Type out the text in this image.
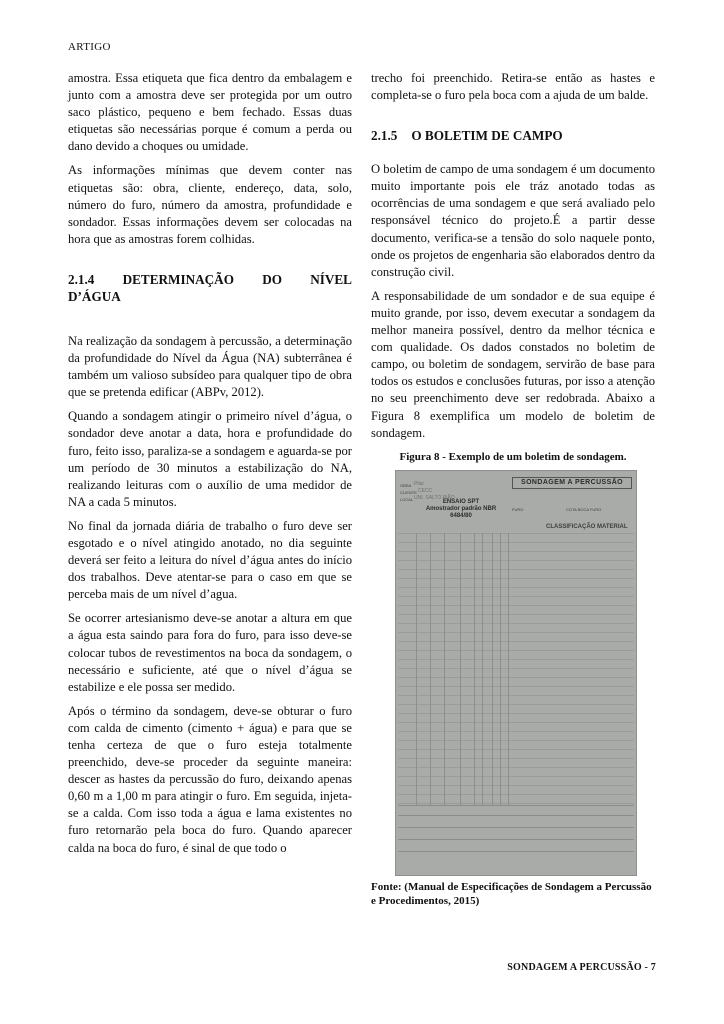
ARTIGO

amostra. Essa etiqueta que fica dentro da embalagem e junto com a amostra deve ser protegida por um outro saco plástico, pequeno e bem fechado. Essas duas etiquetas são necessárias porque é comum a perda ou dano devido a choques ou umidade.

As informações mínimas que devem conter nas etiquetas são: obra, cliente, endereço, data, solo, número do furo, número da amostra, profundidade e sondador. Essas informações devem ser colocadas na hora que as amostras forem colhidas.

2.1.4 DETERMINAÇÃO DO NÍVEL
D’ÁGUA

Na realização da sondagem à percussão, a determinação da profundidade do Nível da Água (NA) subterrânea é também um valioso subsídeo para qualquer tipo de obra que se pretenda edificar (ABPv, 2012).

Quando a sondagem atingir o primeiro nível d’água, o sondador deve anotar a data, hora e profundidade do furo, feito isso, paraliza-se a sondagem e aguarda-se por um período de 30 minutos a estabilização do NA, realizando leituras com o auxílio de uma medidor de NA a cada 5 minutos.

No final da jornada diária de trabalho o furo deve ser esgotado e o nível atingido anotado, no dia seguinte deverá ser feito a leitura do nível d’água antes do início dos trabalhos. Deve atentar-se para o caso em que se perceba mais de um nível d’agua.

Se ocorrer artesianismo deve-se anotar a altura em que a água esta saindo para fora do furo, para isso deve-se colocar tubos de revestimentos na boca da sondagem, o necessário e suficiente, até que o nível d’água se estabilize e ele possa ser medido.

Após o término da sondagem, deve-se obturar o furo com calda de cimento (cimento + água) e para que se tenha certeza de que o furo esteja totalmente preenchido, deve-se proceder da seguinte maneira: descer as hastes da percussão do furo, deixando apenas 0,60 m a 1,00 m para atingir o furo. Em seguida, injeta-se a calda. Com isso toda a água e lama existentes no furo retornarão pela boca do furo. Quando aparecer calda na boca do furo, é sinal de que todo o

trecho foi preenchido. Retira-se então as hastes e completa-se o furo pela boca com a ajuda de um balde.

2.1.5 O BOLETIM DE CAMPO

O boletim de campo de uma sondagem é um documento muito importante pois ele tráz anotado todas as ocorrências de uma sondagem e que será avaliado pelo responsável técnico do projeto.É a partir desse documento, verifica-se a tensão do solo naquele ponto, onde os projetos de engenharia são elaborados dentro da construção civil.

A responsabilidade de um sondador e de sua equipe é muito grande, por isso, devem executar a sondagem da melhor maneira possível, dentro da melhor técnica e com qualidade. Os dados constados no boletim de campo, ou boletim de sondagem, servirão de base para todos os estudos e conclusões futuras, por isso a atenção no seu preenchimento deve ser redobrada. Abaixo a Figura 8 exemplifica um modelo de boletim de sondagem.

Figura 8 - Exemplo de um boletim de sondagem.
SONDAGEM A PERCUSSÃO
OBRA Pilar
CLIENTE CECC
LOCAL UNI. SALTO PIÃO
ENSAIO SPT
Amostrador padrão NBR 6484/80
FURO	COTA BOCA FURO
CLASSIFICAÇÃO MATERIAL
Fonte: (Manual de Especificações de Sondagem a Percussão e Procedimentos, 2015)
SONDAGEM A PERCUSSÃO - 7
